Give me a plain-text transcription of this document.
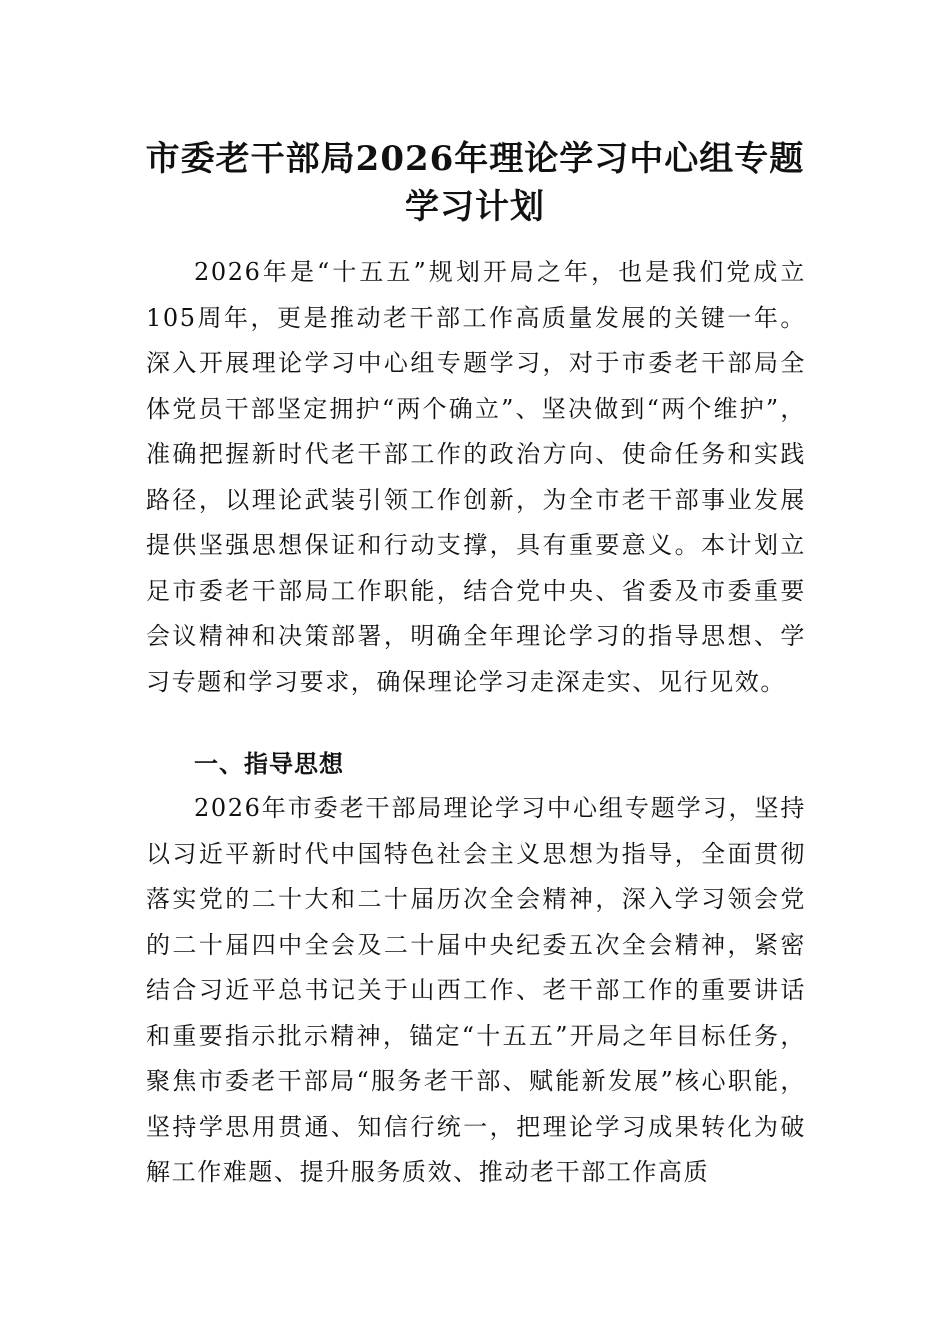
市委老干部局2026年理论学习中心组专题
学习计划

2026年是“十五五”规划开局之年，也是我们党成立105周年，更是推动老干部工作高质量发展的关键一年。深入开展理论学习中心组专题学习，对于市委老干部局全体党员干部坚定拥护“两个确立”、坚决做到“两个维护”，准确把握新时代老干部工作的政治方向、使命任务和实践路径，以理论武装引领工作创新，为全市老干部事业发展提供坚强思想保证和行动支撑，具有重要意义。本计划立足市委老干部局工作职能，结合党中央、省委及市委重要会议精神和决策部署，明确全年理论学习的指导思想、学习专题和学习要求，确保理论学习走深走实、见行见效。

一、指导思想

2026年市委老干部局理论学习中心组专题学习，坚持以习近平新时代中国特色社会主义思想为指导，全面贯彻落实党的二十大和二十届历次全会精神，深入学习领会党的二十届四中全会及二十届中央纪委五次全会精神，紧密结合习近平总书记关于山西工作、老干部工作的重要讲话和重要指示批示精神，锚定“十五五”开局之年目标任务，聚焦市委老干部局“服务老干部、赋能新发展”核心职能，坚持学思用贯通、知信行统一，把理论学习成果转化为破解工作难题、提升服务质效、推动老干部工作高质
